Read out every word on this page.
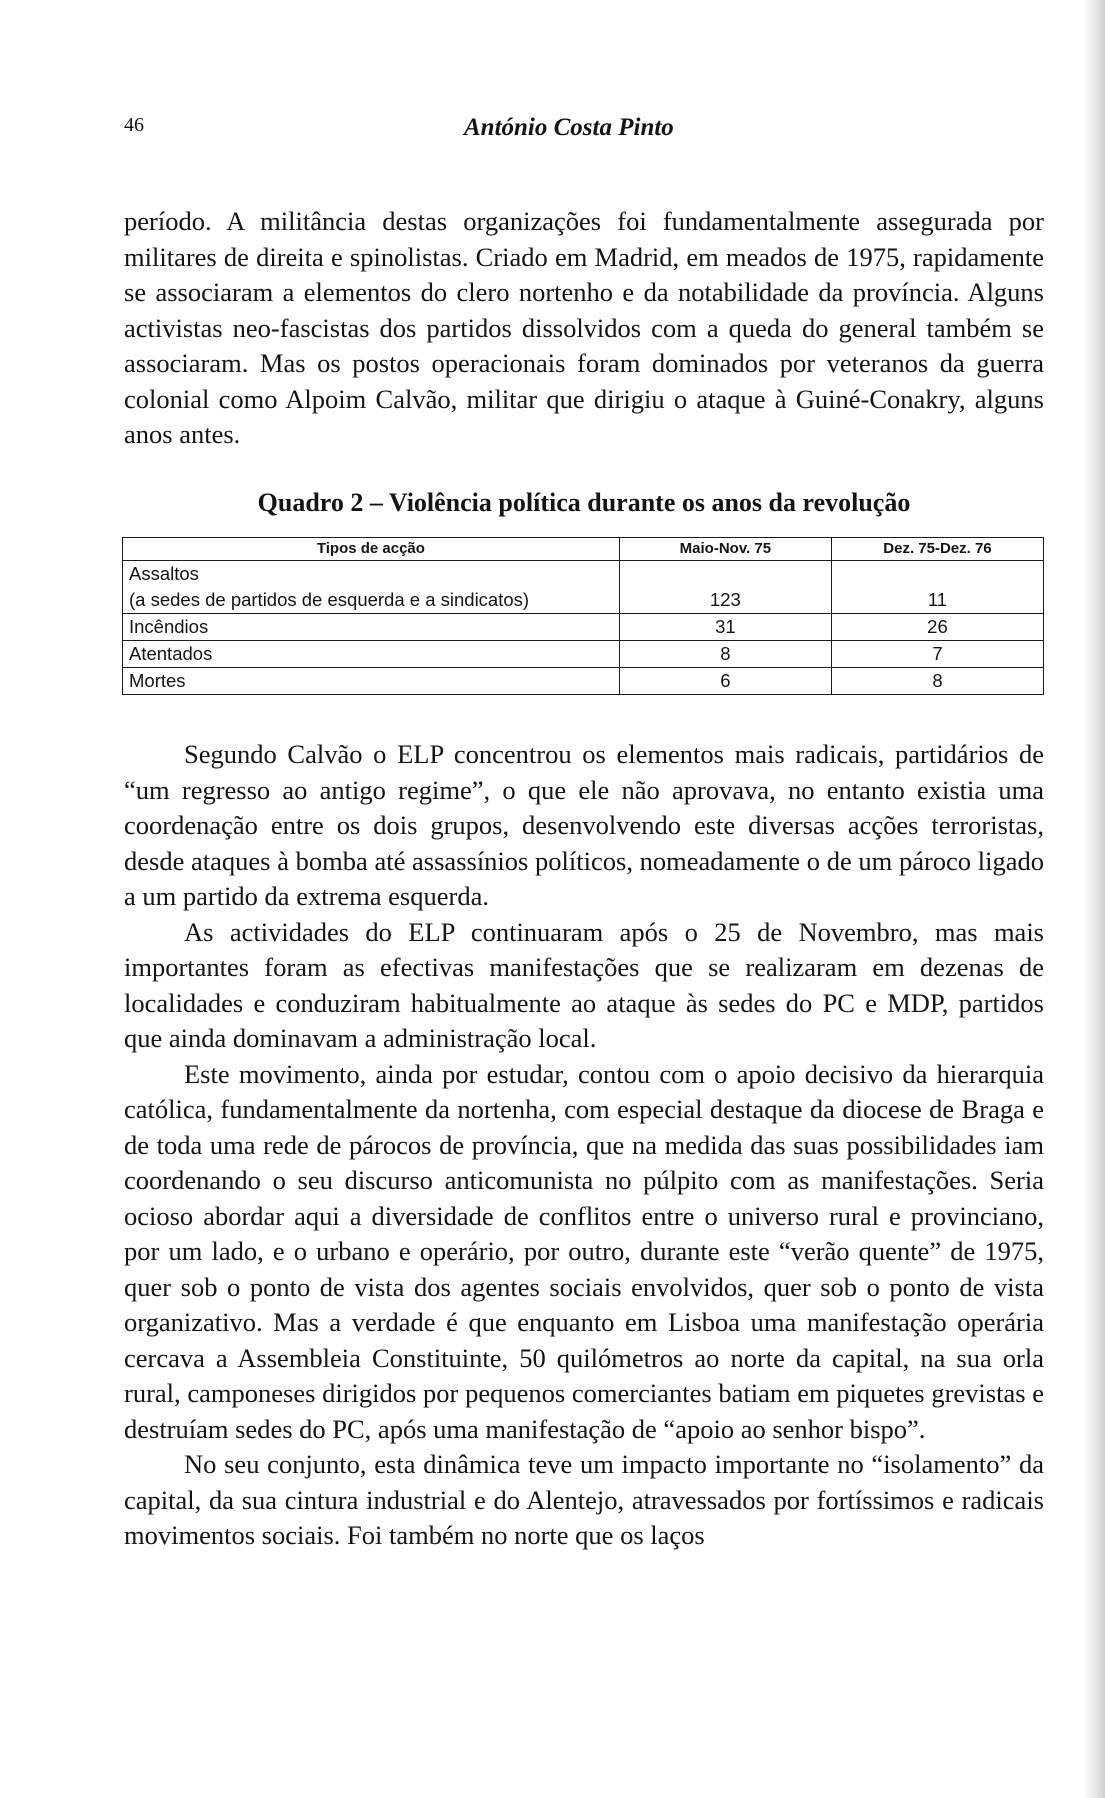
46	António Costa Pinto

período. A militância destas organizações foi fundamentalmente assegurada por militares de direita e spinolistas. Criado em Madrid, em meados de 1975, rapidamente se associaram a elementos do clero nortenho e da notabilidade da província. Alguns activistas neo-fascistas dos partidos dissolvidos com a queda do general também se associaram. Mas os postos operacionais foram dominados por veteranos da guerra colonial como Alpoim Calvão, militar que dirigiu o ataque à Guiné-Conakry, alguns anos antes.

Quadro 2 – Violência política durante os anos da revolução
Tipos de acção	Maio-Nov. 75	Dez. 75-Dez. 76

Assaltos
(a sedes de partidos de esquerda e a sindicatos)	123	11
Incêndios	31	26
Atentados	8	7
Mortes	6	8

Segundo Calvão o ELP concentrou os elementos mais radicais, partidários de “um regresso ao antigo regime”, o que ele não aprovava, no entanto existia uma coordenação entre os dois grupos, desenvolvendo este diversas acções terroristas, desde ataques à bomba até assassínios políticos, nomeadamente o de um pároco ligado a um partido da extrema esquerda.

As actividades do ELP continuaram após o 25 de Novembro, mas mais importantes foram as efectivas manifestações que se realizaram em dezenas de localidades e conduziram habitualmente ao ataque às sedes do PC e MDP, partidos que ainda dominavam a administração local.

Este movimento, ainda por estudar, contou com o apoio decisivo da hierarquia católica, fundamentalmente da nortenha, com especial destaque da diocese de Braga e de toda uma rede de párocos de província, que na medida das suas possibilidades iam coordenando o seu discurso anticomunista no púlpito com as manifestações. Seria ocioso abordar aqui a diversidade de conflitos entre o universo rural e provinciano, por um lado, e o urbano e operário, por outro, durante este “verão quente” de 1975, quer sob o ponto de vista dos agentes sociais envolvidos, quer sob o ponto de vista organizativo. Mas a verdade é que enquanto em Lisboa uma manifestação operária cercava a Assembleia Constituinte, 50 quilómetros ao norte da capital, na sua orla rural, camponeses dirigidos por pequenos comerciantes batiam em piquetes grevistas e destruíam sedes do PC, após uma manifestação de “apoio ao senhor bispo”.

No seu conjunto, esta dinâmica teve um impacto importante no “isolamento” da capital, da sua cintura industrial e do Alentejo, atravessados por fortíssimos e radicais movimentos sociais. Foi também no norte que os laços
